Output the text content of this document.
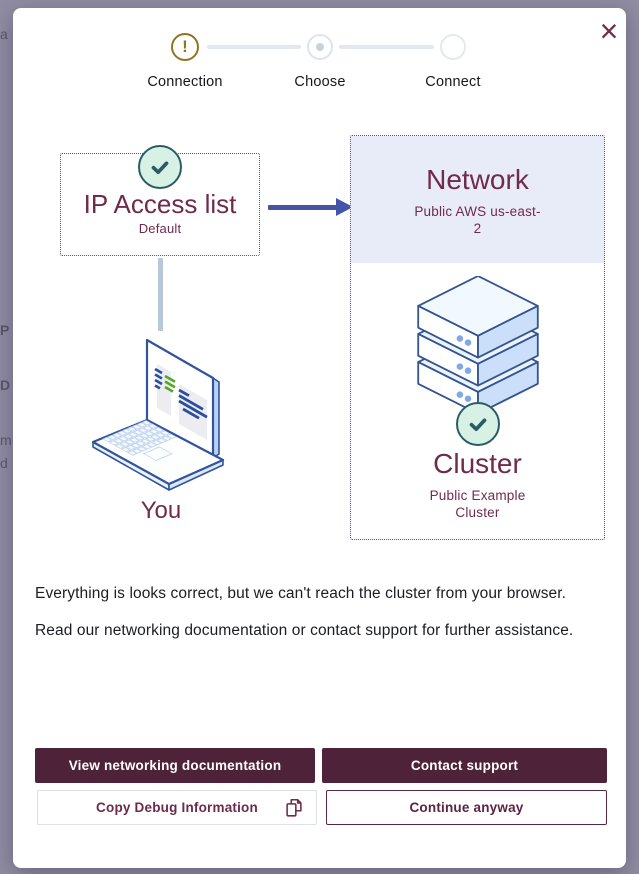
a
P
D
m
d
×
!
Connection	Choose	Connect
IP Access list
Default
You
Network
Public AWS us-east-2
Cluster
Public Example Cluster

Everything is looks correct, but we can't reach the cluster from your browser.

Read our networking documentation or contact support for further assistance.

View networking documentation	Contact support
Copy Debug Information	Continue anyway
